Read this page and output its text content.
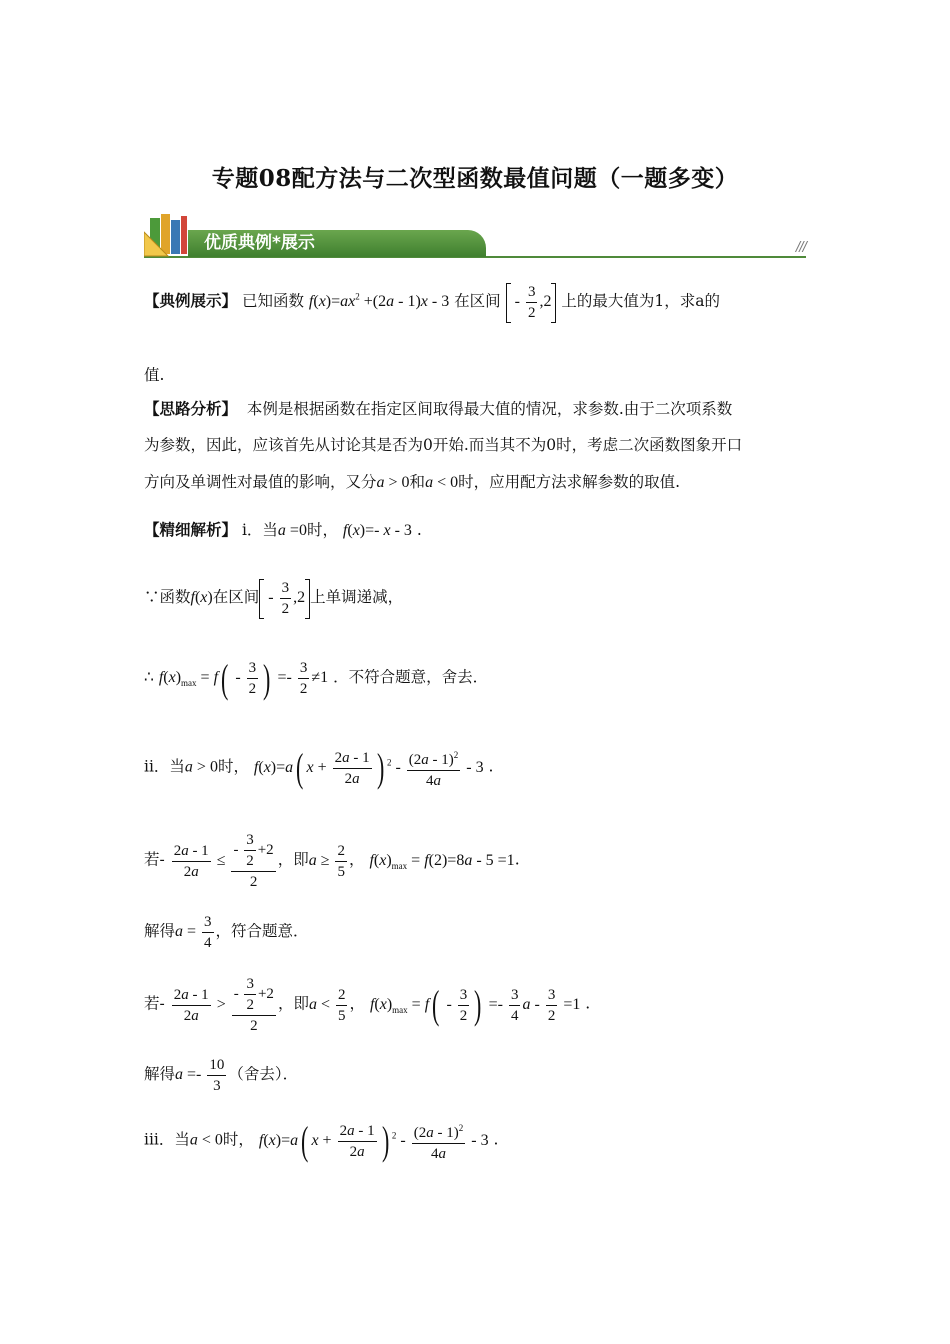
专题08配方法与二次型函数最值问题（一题多变）
优质典例*展示	///
【典例展示】 已知函数 $f(x)=ax^2 +(2a - 1)x - 3$ 在区间  - $\frac{3}{2} ,2$ 上的最大值为1，求a的
值.
【思路分析】 本例是根据函数在指定区间取得最大值的情况，求参数.由于二次项系数
为参数，因此，应该首先从讨论其是否为0开始.而当其不为0时，考虑二次函数图象开口
方向及单调性对最值的影响，又分a > 0和a < 0时，应用配方法求解参数的取值.
【精细解析】 i．当a =0时， f(x)=- x - 3 .
∵函数f(x)在区间 - $\frac{3}{2} ,2$ 上单调递减，
∴ $f(x)_{max} = f( - \frac{3}{2}$ ) =- $\frac{3}{2} \ne 1$ ．不符合题意，舍去．
ii．当a > 0时， f(x)=a( $x + \frac{2a - 1}{2a}$ ) $^2 - \frac{(2a - 1)^2}{4a} - 3$ .
若- $\frac{2a - 1}{2a} \le \frac{- \frac{3}{2} +2}{2}$ ，即$a \ge \frac{2}{5}$ ， $f(x)_{max} = f(2)=8a - 5 =1$.
解得$a = \frac{3}{4}$ ，符合题意．
若- $\frac{2a - 1}{2a} > \frac{- \frac{3}{2} +2}{2}$ ，即$a < \frac{2}{5}$ ， $f(x)_{max} = f( - \frac{3}{2}$ ) =- $\frac{3}{4}$ $a - \frac{3}{2} =1$ .
解得$a =- \frac{10}{3}$ （舍去）．
iii．当a < 0时， f(x)=a( $x + \frac{2a - 1}{2a}$ ) $^2 - \frac{(2a - 1)^2}{4a} - 3$ .
